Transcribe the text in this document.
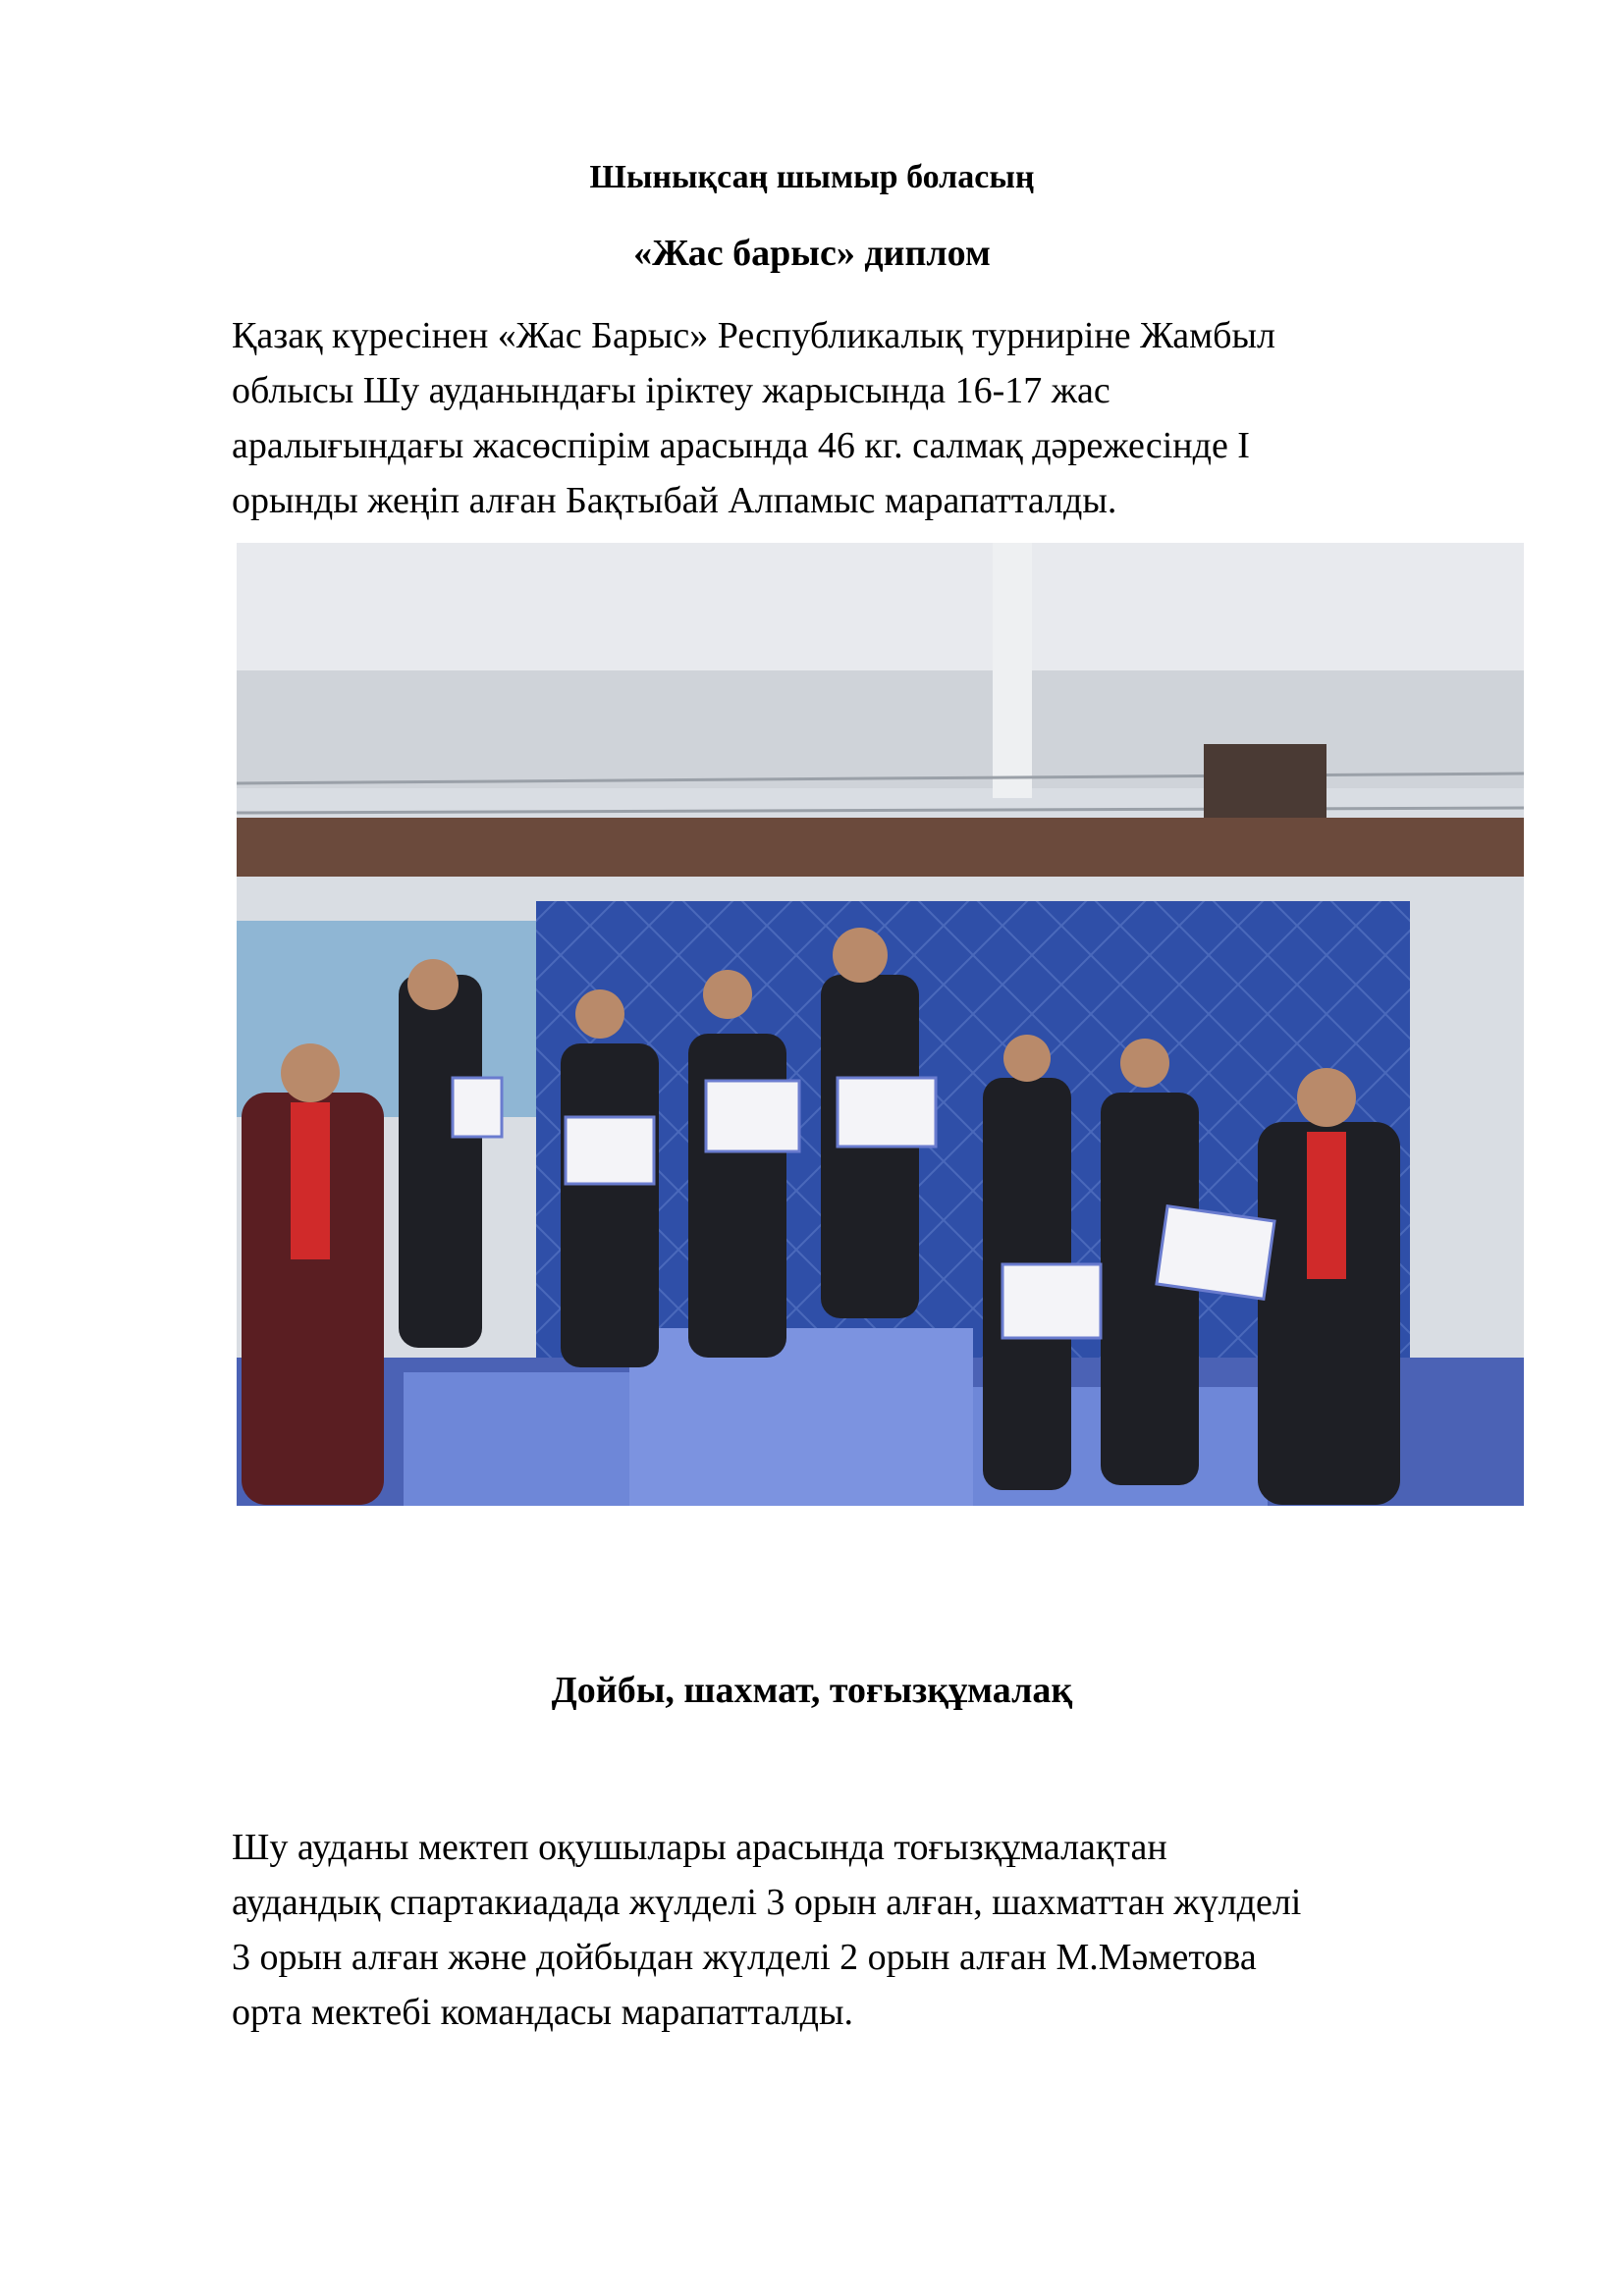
Шынықсаң шымыр боласың
«Жас барыс» диплом
Қазақ күресінен «Жас Барыс» Республикалық турниріне Жамбыл
облысы Шу ауданындағы іріктеу жарысында 16-17 жас
аралығындағы жасөспірім арасында 46 кг. салмақ дәрежесінде I
орынды жеңіп алған Бақтыбай Алпамыс марапатталды.
Дойбы, шахмат, тоғызқұмалақ
Шу ауданы мектеп оқушылары арасында тоғызқұмалақтан
аудандық спартакиадада жүлделі 3 орын алған, шахматтан жүлделі
3 орын алған және дойбыдан жүлделі 2 орын алған М.Мәметова
орта мектебі командасы марапатталды.
